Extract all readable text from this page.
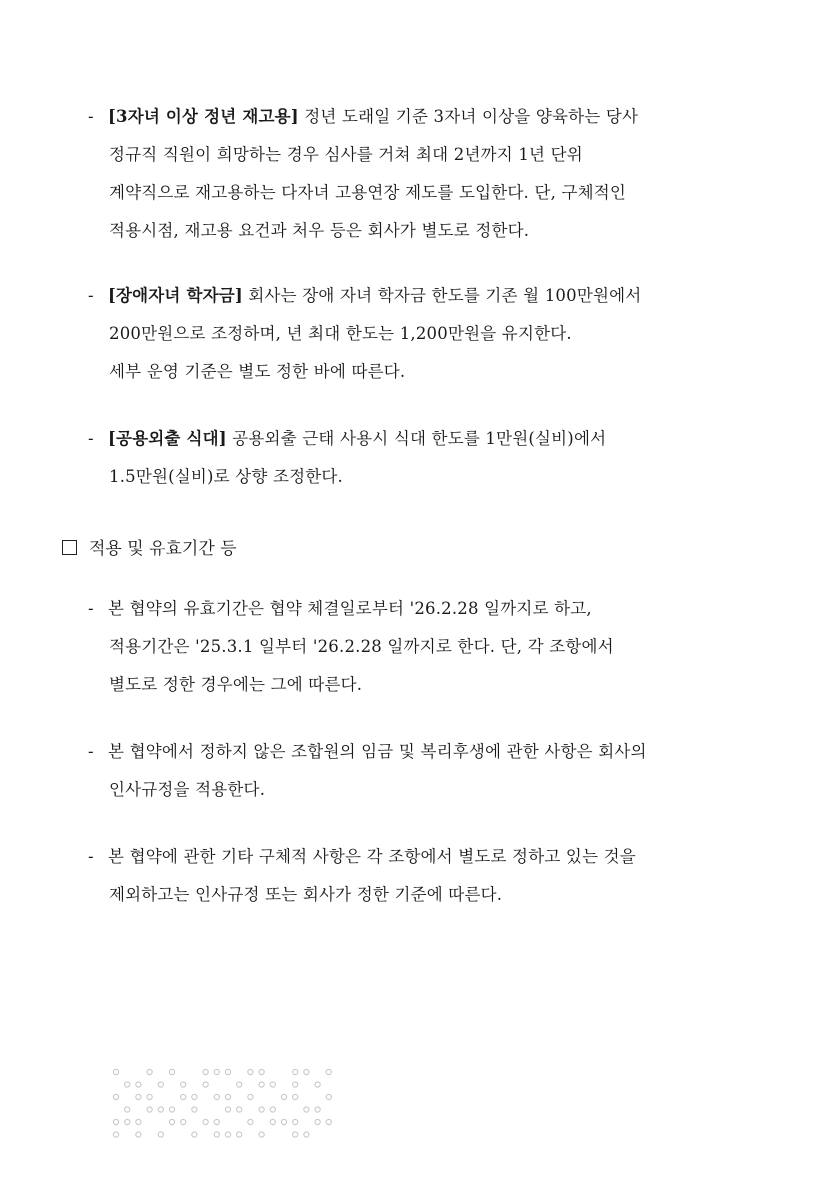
- [3자녀 이상 정년 재고용] 정년 도래일 기준 3자녀 이상을 양육하는 당사
정규직 직원이 희망하는 경우 심사를 거쳐 최대 2년까지 1년 단위
계약직으로 재고용하는 다자녀 고용연장 제도를 도입한다. 단, 구체적인
적용시점, 재고용 요건과 처우 등은 회사가 별도로 정한다.
- [장애자녀 학자금] 회사는 장애 자녀 학자금 한도를 기존 월 100만원에서
200만원으로 조정하며, 년 최대 한도는 1,200만원을 유지한다.
세부 운영 기준은 별도 정한 바에 따른다.
- [공용외출 식대] 공용외출 근태 사용시 식대 한도를 1만원(실비)에서
1.5만원(실비)로 상향 조정한다.
적용 및 유효기간 등
- 본 협약의 유효기간은 협약 체결일로부터 '26.2.28 일까지로 하고,
적용기간은 '25.3.1 일부터 '26.2.28 일까지로 한다. 단, 각 조항에서
별도로 정한 경우에는 그에 따른다.
- 본 협약에서 정하지 않은 조합원의 임금 및 복리후생에 관한 사항은 회사의
인사규정을 적용한다.
- 본 협약에 관한 기타 구체적 사항은 각 조항에서 별도로 정하고 있는 것을
제외하고는 인사규정 또는 회사가 정한 기준에 따른다.
